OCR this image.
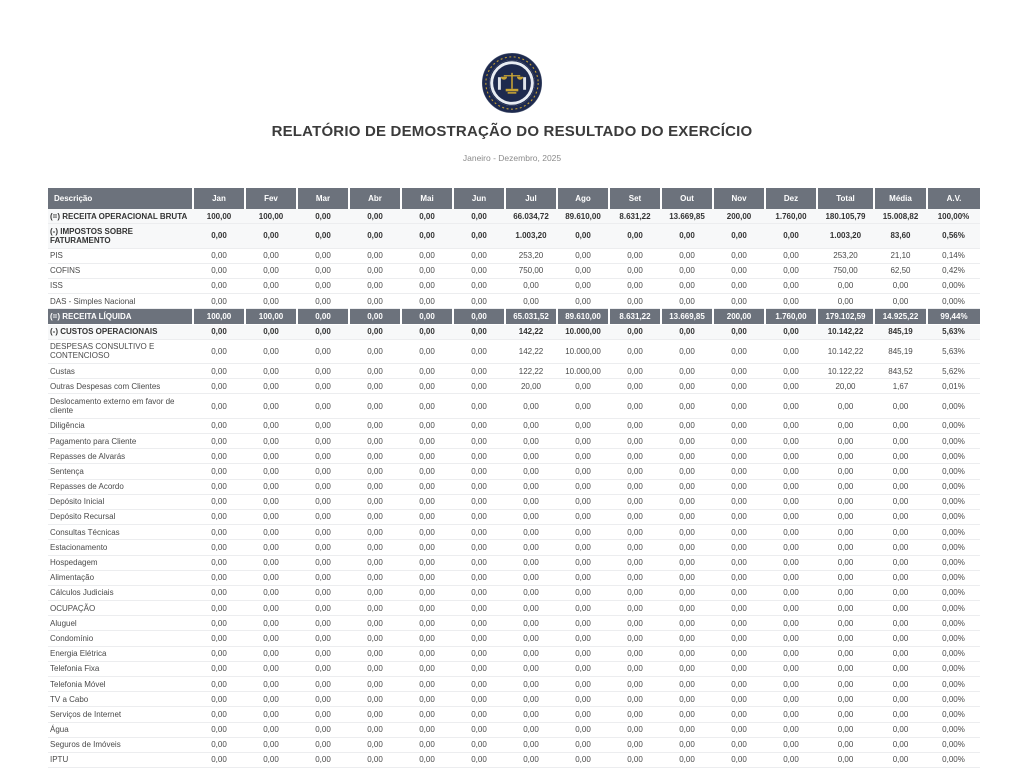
RELATÓRIO DE DEMOSTRAÇÃO DO RESULTADO DO EXERCÍCIO
Janeiro - Dezembro, 2025
Descrição	Jan	Fev	Mar	Abr	Mai	Jun	Jul	Ago	Set	Out	Nov	Dez	Total	Média	A.V.
(=) RECEITA OPERACIONAL BRUTA	100,00	100,00	0,00	0,00	0,00	0,00	66.034,72	89.610,00	8.631,22	13.669,85	200,00	1.760,00	180.105,79	15.008,82	100,00%
(-) IMPOSTOS SOBRE FATURAMENTO	0,00	0,00	0,00	0,00	0,00	0,00	1.003,20	0,00	0,00	0,00	0,00	0,00	1.003,20	83,60	0,56%
PIS	0,00	0,00	0,00	0,00	0,00	0,00	253,20	0,00	0,00	0,00	0,00	0,00	253,20	21,10	0,14%
COFINS	0,00	0,00	0,00	0,00	0,00	0,00	750,00	0,00	0,00	0,00	0,00	0,00	750,00	62,50	0,42%
ISS	0,00	0,00	0,00	0,00	0,00	0,00	0,00	0,00	0,00	0,00	0,00	0,00	0,00	0,00	0,00%
DAS - Simples Nacional	0,00	0,00	0,00	0,00	0,00	0,00	0,00	0,00	0,00	0,00	0,00	0,00	0,00	0,00	0,00%
(=) RECEITA LÍQUIDA	100,00	100,00	0,00	0,00	0,00	0,00	65.031,52	89.610,00	8.631,22	13.669,85	200,00	1.760,00	179.102,59	14.925,22	99,44%
(-) CUSTOS OPERACIONAIS	0,00	0,00	0,00	0,00	0,00	0,00	142,22	10.000,00	0,00	0,00	0,00	0,00	10.142,22	845,19	5,63%
DESPESAS CONSULTIVO E CONTENCIOSO	0,00	0,00	0,00	0,00	0,00	0,00	142,22	10.000,00	0,00	0,00	0,00	0,00	10.142,22	845,19	5,63%
Custas	0,00	0,00	0,00	0,00	0,00	0,00	122,22	10.000,00	0,00	0,00	0,00	0,00	10.122,22	843,52	5,62%
Outras Despesas com Clientes	0,00	0,00	0,00	0,00	0,00	0,00	20,00	0,00	0,00	0,00	0,00	0,00	20,00	1,67	0,01%
Deslocamento externo em favor de cliente	0,00	0,00	0,00	0,00	0,00	0,00	0,00	0,00	0,00	0,00	0,00	0,00	0,00	0,00	0,00%
Diligência	0,00	0,00	0,00	0,00	0,00	0,00	0,00	0,00	0,00	0,00	0,00	0,00	0,00	0,00	0,00%
Pagamento para Cliente	0,00	0,00	0,00	0,00	0,00	0,00	0,00	0,00	0,00	0,00	0,00	0,00	0,00	0,00	0,00%
Repasses de Alvarás	0,00	0,00	0,00	0,00	0,00	0,00	0,00	0,00	0,00	0,00	0,00	0,00	0,00	0,00	0,00%
Sentença	0,00	0,00	0,00	0,00	0,00	0,00	0,00	0,00	0,00	0,00	0,00	0,00	0,00	0,00	0,00%
Repasses de Acordo	0,00	0,00	0,00	0,00	0,00	0,00	0,00	0,00	0,00	0,00	0,00	0,00	0,00	0,00	0,00%
Depósito Inicial	0,00	0,00	0,00	0,00	0,00	0,00	0,00	0,00	0,00	0,00	0,00	0,00	0,00	0,00	0,00%
Depósito Recursal	0,00	0,00	0,00	0,00	0,00	0,00	0,00	0,00	0,00	0,00	0,00	0,00	0,00	0,00	0,00%
Consultas Técnicas	0,00	0,00	0,00	0,00	0,00	0,00	0,00	0,00	0,00	0,00	0,00	0,00	0,00	0,00	0,00%
Estacionamento	0,00	0,00	0,00	0,00	0,00	0,00	0,00	0,00	0,00	0,00	0,00	0,00	0,00	0,00	0,00%
Hospedagem	0,00	0,00	0,00	0,00	0,00	0,00	0,00	0,00	0,00	0,00	0,00	0,00	0,00	0,00	0,00%
Alimentação	0,00	0,00	0,00	0,00	0,00	0,00	0,00	0,00	0,00	0,00	0,00	0,00	0,00	0,00	0,00%
Cálculos Judiciais	0,00	0,00	0,00	0,00	0,00	0,00	0,00	0,00	0,00	0,00	0,00	0,00	0,00	0,00	0,00%
OCUPAÇÃO	0,00	0,00	0,00	0,00	0,00	0,00	0,00	0,00	0,00	0,00	0,00	0,00	0,00	0,00	0,00%
Aluguel	0,00	0,00	0,00	0,00	0,00	0,00	0,00	0,00	0,00	0,00	0,00	0,00	0,00	0,00	0,00%
Condomínio	0,00	0,00	0,00	0,00	0,00	0,00	0,00	0,00	0,00	0,00	0,00	0,00	0,00	0,00	0,00%
Energia Elétrica	0,00	0,00	0,00	0,00	0,00	0,00	0,00	0,00	0,00	0,00	0,00	0,00	0,00	0,00	0,00%
Telefonia Fixa	0,00	0,00	0,00	0,00	0,00	0,00	0,00	0,00	0,00	0,00	0,00	0,00	0,00	0,00	0,00%
Telefonia Móvel	0,00	0,00	0,00	0,00	0,00	0,00	0,00	0,00	0,00	0,00	0,00	0,00	0,00	0,00	0,00%
TV a Cabo	0,00	0,00	0,00	0,00	0,00	0,00	0,00	0,00	0,00	0,00	0,00	0,00	0,00	0,00	0,00%
Serviços de Internet	0,00	0,00	0,00	0,00	0,00	0,00	0,00	0,00	0,00	0,00	0,00	0,00	0,00	0,00	0,00%
Água	0,00	0,00	0,00	0,00	0,00	0,00	0,00	0,00	0,00	0,00	0,00	0,00	0,00	0,00	0,00%
Seguros de Imóveis	0,00	0,00	0,00	0,00	0,00	0,00	0,00	0,00	0,00	0,00	0,00	0,00	0,00	0,00	0,00%
IPTU	0,00	0,00	0,00	0,00	0,00	0,00	0,00	0,00	0,00	0,00	0,00	0,00	0,00	0,00	0,00%
